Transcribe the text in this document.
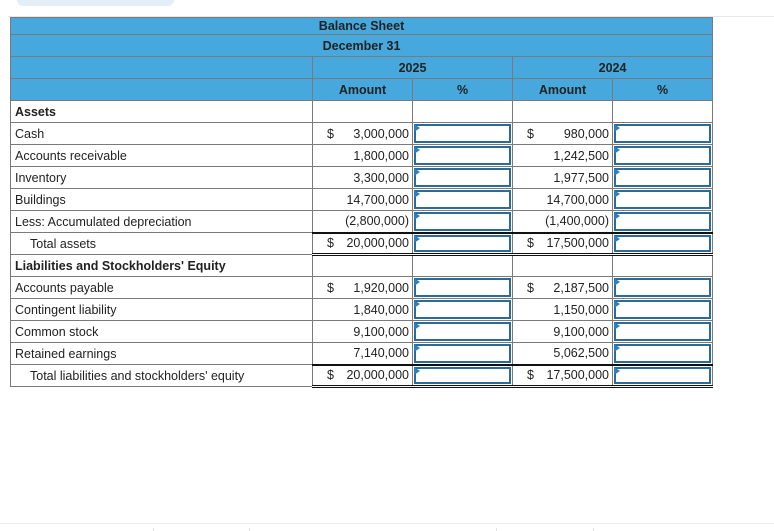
Balance Sheet				
December 31				
	2025		2024	
	Amount	%	Amount	%
Assets				
Cash	$ 3,000,000		$ 980,000	

Accounts receivable	1,800,000		1,242,500	

Inventory	3,300,000		1,977,500	

Buildings	14,700,000		14,700,000	

Less: Accumulated depreciation	(2,800,000)		(1,400,000)	

Total assets	$ 20,000,000		$ 17,500,000	

Liabilities and Stockholders' Equity				
Accounts payable	$ 1,920,000		$ 2,187,500	

Contingent liability	1,840,000		1,150,000	

Common stock	9,100,000		9,100,000	

Retained earnings	7,140,000		5,062,500	

Total liabilities and stockholders' equity	$ 20,000,000		$ 17,500,000	
